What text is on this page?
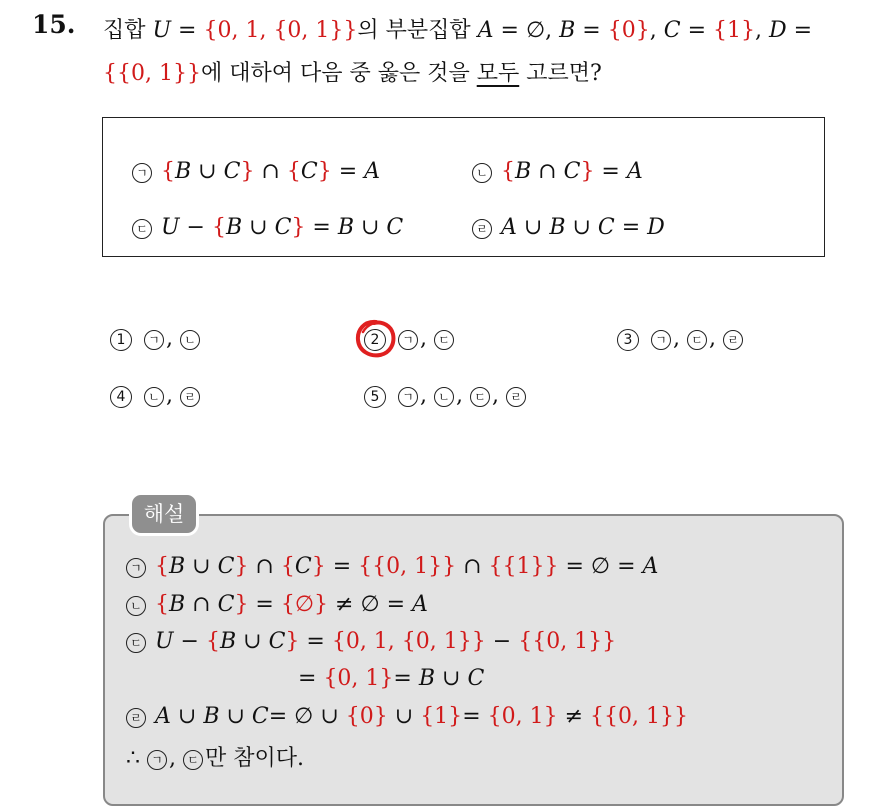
15. 집합 U = {0, 1, {0, 1}}의 부분집합 A = ∅, B = {0}, C = {1}, D =
{{0, 1}}에 대하여 다음 중 옳은 것을 모두 고르면?
ㄱ {B ∪ C} ∩ {C} = A	ㄴ {B ∩ C} = A
ㄷ U − {B ∪ C} = B ∪ C	ㄹ A ∪ B ∪ C = D
1 ㄱ , ㄴ	2 ㄱ , ㄷ	3 ㄱ , ㄷ , ㄹ
4 ㄴ , ㄹ	5 ㄱ , ㄴ , ㄷ , ㄹ
해설
ㄱ {B ∪ C} ∩ {C} = {{0, 1}} ∩ {{1}} = ∅ = A
ㄴ {B ∩ C} = {∅} ≠ ∅ = A
ㄷ U − {B ∪ C} = {0, 1, {0, 1}} − {{0, 1}}
= {0, 1}= B ∪ C
ㄹ A ∪ B ∪ C= ∅ ∪ {0} ∪ {1}= {0, 1} ≠ {{0, 1}}
∴ ㄱ , ㄷ 만 참이다.
